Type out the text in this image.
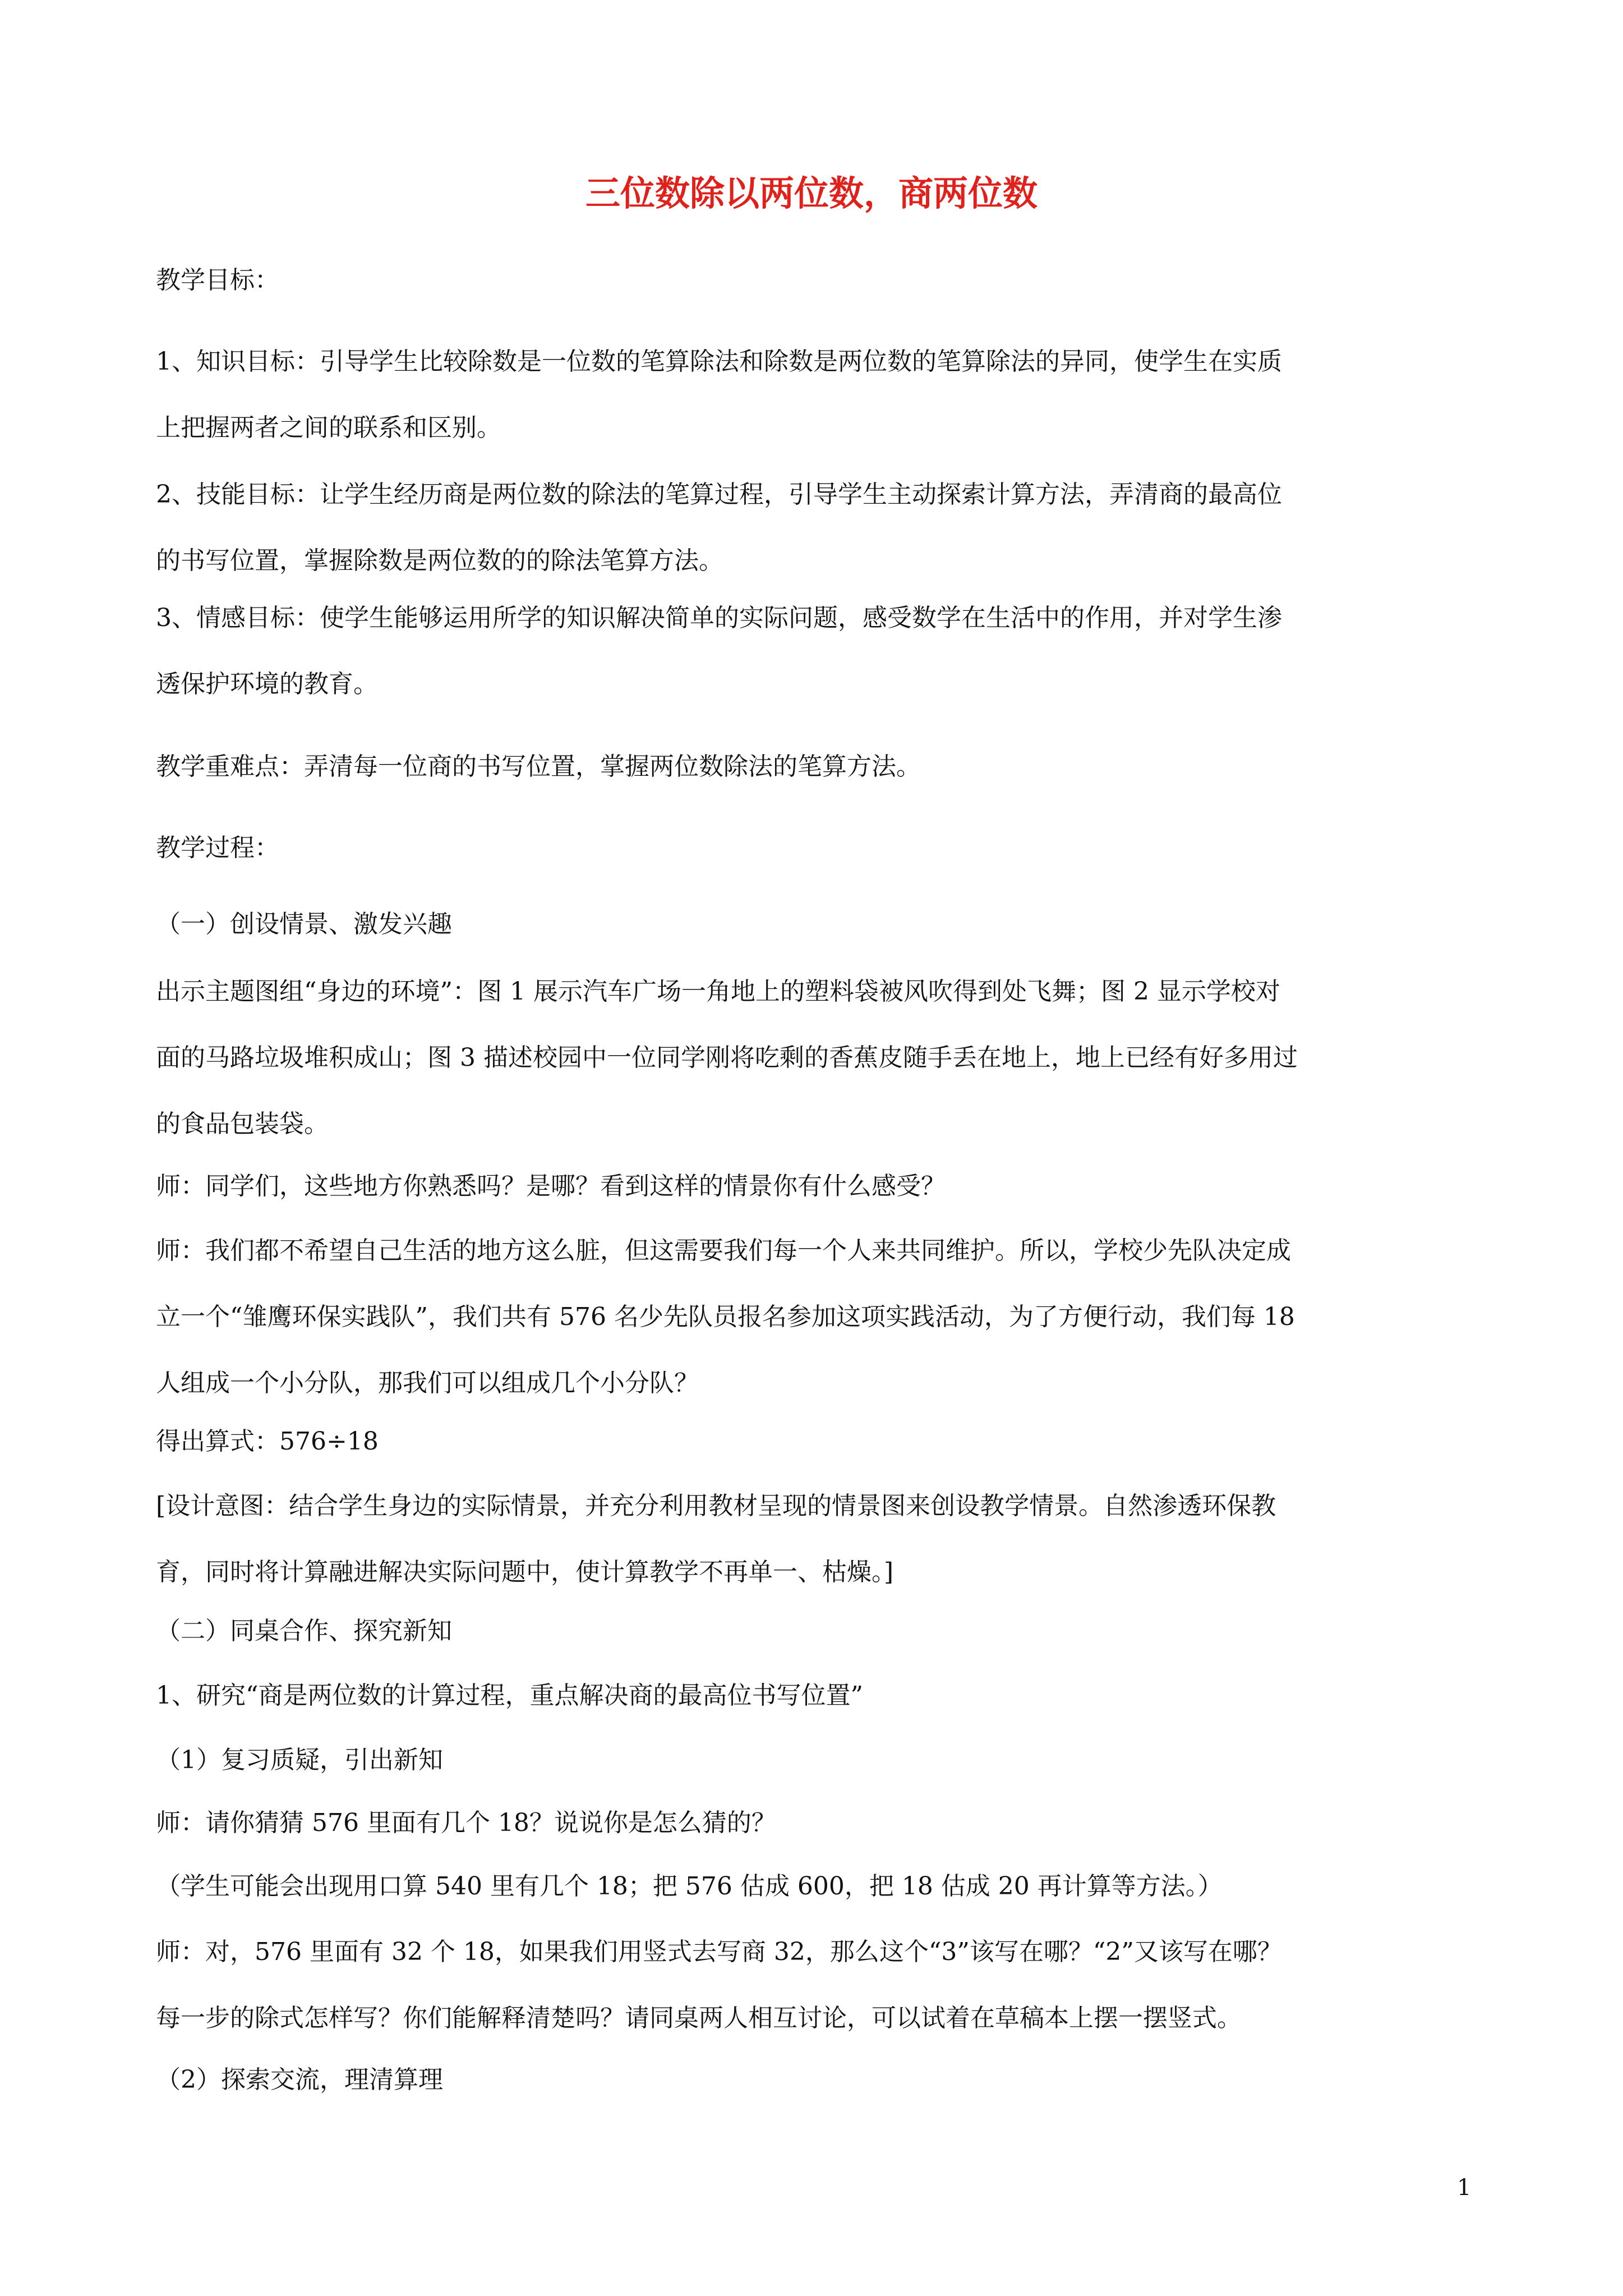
三位数除以两位数，商两位数
教学目标：
1、知识目标：引导学生比较除数是一位数的笔算除法和除数是两位数的笔算除法的异同，使学生在实质
上把握两者之间的联系和区别。
2、技能目标：让学生经历商是两位数的除法的笔算过程，引导学生主动探索计算方法，弄清商的最高位
的书写位置，掌握除数是两位数的的除法笔算方法。
3、情感目标：使学生能够运用所学的知识解决简单的实际问题，感受数学在生活中的作用，并对学生渗
透保护环境的教育。
教学重难点：弄清每一位商的书写位置，掌握两位数除法的笔算方法。
教学过程：
（一）创设情景、激发兴趣
出示主题图组“身边的环境”：图 1 展示汽车广场一角地上的塑料袋被风吹得到处飞舞；图 2 显示学校对
面的马路垃圾堆积成山；图 3 描述校园中一位同学刚将吃剩的香蕉皮随手丢在地上，地上已经有好多用过
的食品包装袋。
师：同学们，这些地方你熟悉吗？是哪？看到这样的情景你有什么感受？
师：我们都不希望自己生活的地方这么脏，但这需要我们每一个人来共同维护。所以，学校少先队决定成
立一个“雏鹰环保实践队”，我们共有 576 名少先队员报名参加这项实践活动，为了方便行动，我们每 18
人组成一个小分队，那我们可以组成几个小分队？
得出算式：576÷18
[设计意图：结合学生身边的实际情景，并充分利用教材呈现的情景图来创设教学情景。自然渗透环保教
育，同时将计算融进解决实际问题中，使计算教学不再单一、枯燥。]
（二）同桌合作、探究新知
1、研究“商是两位数的计算过程，重点解决商的最高位书写位置”
（1）复习质疑，引出新知
师：请你猜猜 576 里面有几个 18？说说你是怎么猜的？
（学生可能会出现用口算 540 里有几个 18；把 576 估成 600，把 18 估成 20 再计算等方法。）
师：对，576 里面有 32 个 18，如果我们用竖式去写商 32，那么这个“3”该写在哪？“2”又该写在哪？
每一步的除式怎样写？你们能解释清楚吗？请同桌两人相互讨论，可以试着在草稿本上摆一摆竖式。
（2）探索交流，理清算理
1
